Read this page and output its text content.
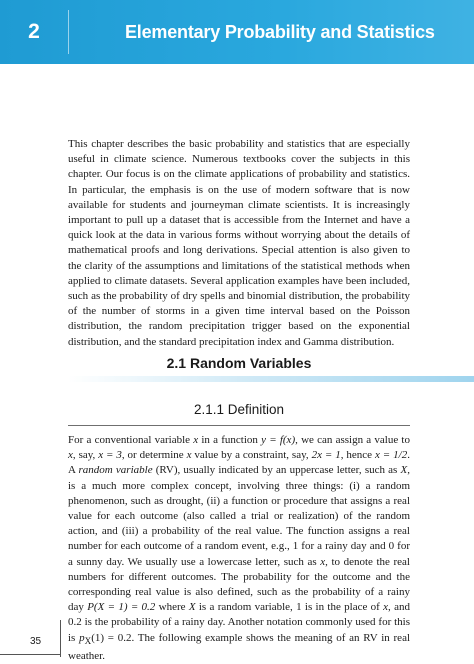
2	Elementary Probability and Statistics

This chapter describes the basic probability and statistics that are especially useful in climate science. Numerous textbooks cover the subjects in this chapter. Our focus is on the climate applications of probability and statistics. In particular, the emphasis is on the use of modern software that is now available for students and journeyman climate scientists. It is increasingly important to pull up a dataset that is accessible from the Internet and have a quick look at the data in various forms without worrying about the details of mathematical proofs and long derivations. Special attention is also given to the clarity of the assumptions and limitations of the statistical methods when applied to climate datasets. Several application examples have been included, such as the probability of dry spells and binomial distribution, the probability of the number of storms in a given time interval based on the Poisson distribution, the random precipitation trigger based on the exponential distribution, and the standard precipitation index and Gamma distribution.

2.1 Random Variables
2.1.1 Definition

For a conventional variable x in a function y = f(x), we can assign a value to x, say, x = 3, or determine x value by a constraint, say, 2x = 1, hence x = 1/2. A random variable (RV), usually indicated by an uppercase letter, such as X, is a much more complex concept, involving three things: (i) a random phenomenon, such as drought, (ii) a function or procedure that assigns a real value for each outcome (also called a trial or realization) of the random action, and (iii) a probability of the real value. The function assigns a real number for each outcome of a random event, e.g., 1 for a rainy day and 0 for a sunny day. We usually use a lowercase letter, such as x, to denote the real numbers for different outcomes. The probability for the outcome and the corresponding real value is also defined, such as the probability of a rainy day P(X = 1) = 0.2 where X is a random variable, 1 is in the place of x, and 0.2 is the probability of a rainy day. Another notation commonly used for this is $p_X(1) = 0.2$. The following example shows the meaning of an RV in real weather.

35
